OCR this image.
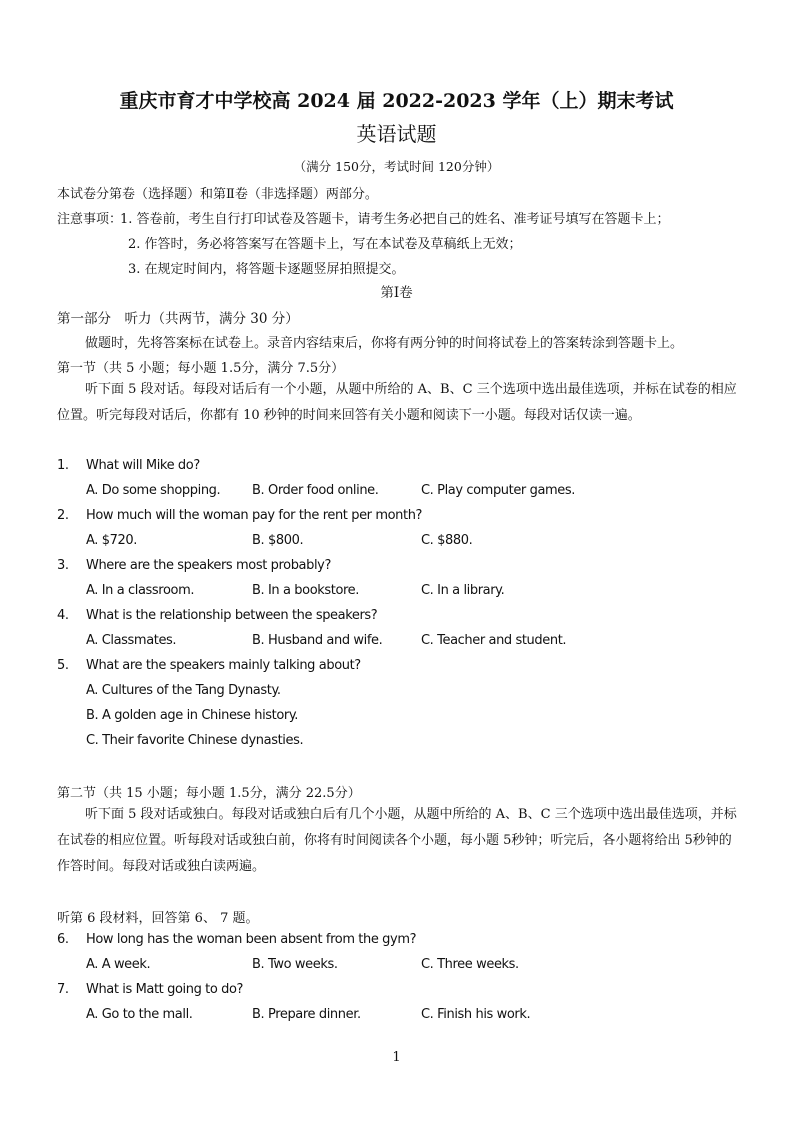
重庆市育才中学校高 2024 届 2022-2023 学年（上）期末考试
英语试题
（满分 150分，考试时间 120分钟）
本试卷分第卷（选择题）和第Ⅱ卷（非选择题）两部分。
注意事项：
1. 答卷前，考生自行打印试卷及答题卡，请考生务必把自己的姓名、准考证号填写在答题卡上；
2. 作答时，务必将答案写在答题卡上，写在本试卷及草稿纸上无效；
3. 在规定时间内，将答题卡逐题竖屏拍照提交。
第Ⅰ卷
第一部分　听力（共两节，满分 30 分）
做题时，先将答案标在试卷上。录音内容结束后，你将有两分钟的时间将试卷上的答案转涂到答题卡上。
第一节（共 5 小题；每小题 1.5分，满分 7.5分）
听下面 5 段对话。每段对话后有一个小题，从题中所给的 A、B、C 三个选项中选出最佳选项，并标在试卷的相应位置。听完每段对话后，你都有 10 秒钟的时间来回答有关小题和阅读下一小题。每段对话仅读一遍。
1. What will Mike do?
A. Do some shopping. B. Order food online.	C. Play computer games.
2. How much will the woman pay for the rent per month?
A. $720.	B. $800.	C. $880.
3. Where are the speakers most probably?
A. In a classroom.	B. In a bookstore.	C. In a library.
4. What is the relationship between the speakers?
A. Classmates.	B. Husband and wife.	C. Teacher and student.
5. What are the speakers mainly talking about?
A. Cultures of the Tang Dynasty.
B. A golden age in Chinese history.
C. Their favorite Chinese dynasties.
第二节（共 15 小题；每小题 1.5分，满分 22.5分）
听下面 5 段对话或独白。每段对话或独白后有几个小题，从题中所给的 A、B、C 三个选项中选出最佳选项，并标在试卷的相应位置。听每段对话或独白前，你将有时间阅读各个小题，每小题 5秒钟；听完后，各小题将给出 5秒钟的作答时间。每段对话或独白读两遍。
听第 6 段材料，回答第 6、 7 题。
6. How long has the woman been absent from the gym?
A. A week.	B. Two weeks.	C. Three weeks.
7. What is Matt going to do?
A. Go to the mall.	B. Prepare dinner.	C. Finish his work.
1
